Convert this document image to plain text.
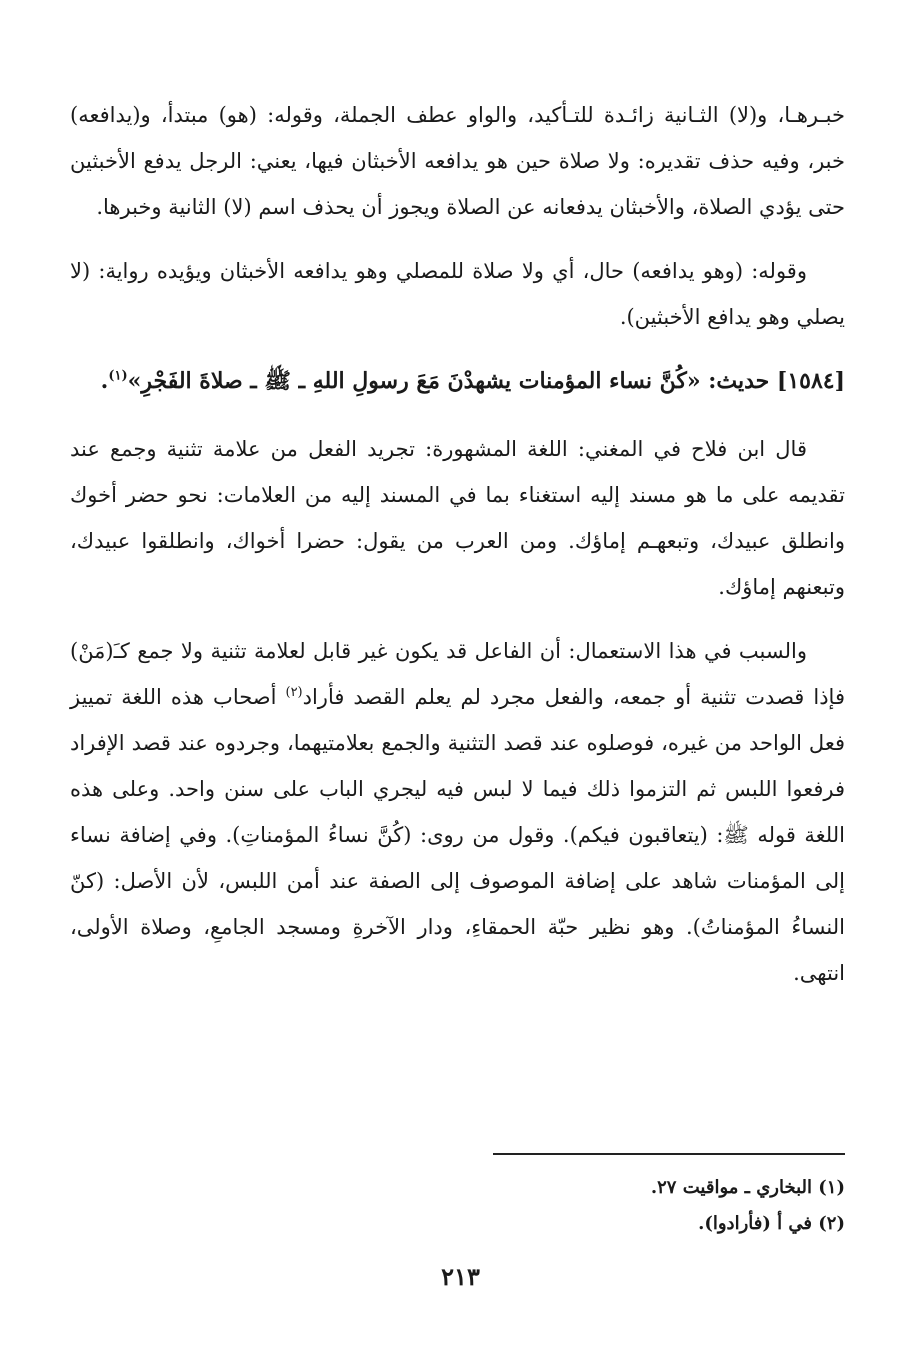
خبـرهـا، و(لا) الثـانية زائـدة للتـأكيد، والواو عطف الجملة، وقوله: (هو) مبتدأ، و(يدافعه) خبر، وفيه حذف تقديره: ولا صلاة حين هو يدافعه الأخبثان فيها، يعني: الرجل يدفع الأخبثين حتى يؤدي الصلاة، والأخبثان يدفعانه عن الصلاة ويجوز أن يحذف اسم (لا) الثانية وخبرها.

وقوله: (وهو يدافعه) حال، أي ولا صلاة للمصلي وهو يدافعه الأخبثان ويؤيده رواية: (لا يصلي وهو يدافع الأخبثين).

[١٥٨٤] حديث: «كُنَّ نساء المؤمنات يشهدْنَ مَعَ رسولِ اللهِ ـ ﷺ ـ صلاةَ الفَجْرِ»$^{(١)}$.

قال ابن فلاح في المغني: اللغة المشهورة: تجريد الفعل من علامة تثنية وجمع عند تقديمه على ما هو مسند إليه استغناء بما في المسند إليه من العلامات: نحو حضر أخوك وانطلق عبيدك، وتبعهـم إماؤك. ومن العرب من يقول: حضرا أخواك، وانطلقوا عبيدك، وتبعنهم إماؤك.

والسبب في هذا الاستعمال: أن الفاعل قد يكون غير قابل لعلامة تثنية ولا جمع كـَ(مَنْ) فإذا قصدت تثنية أو جمعه، والفعل مجرد لم يعلم القصد فأراد$^{(٢)}$ أصحاب هذه اللغة تمييز فعل الواحد من غيره، فوصلوه عند قصد التثنية والجمع بعلامتيهما، وجردوه عند قصد الإفراد فرفعوا اللبس ثم التزموا ذلك فيما لا لبس فيه ليجري الباب على سنن واحد. وعلى هذه اللغة قوله ﷺ: (يتعاقبون فيكم). وقول من روى: (كُنَّ نساءُ المؤمناتِ). وفي إضافة نساء إلى المؤمنات شاهد على إضافة الموصوف إلى الصفة عند أمن اللبس، لأن الأصل: (كنّ النساءُ المؤمناتُ). وهو نظير حبّة الحمقاءِ، ودار الآخرةِ ومسجد الجامعِ، وصلاة الأولى، انتهى.

(١) البخاري ـ مواقيت ٢٧.

(٢) في أ (فأرادوا).

٢١٣
